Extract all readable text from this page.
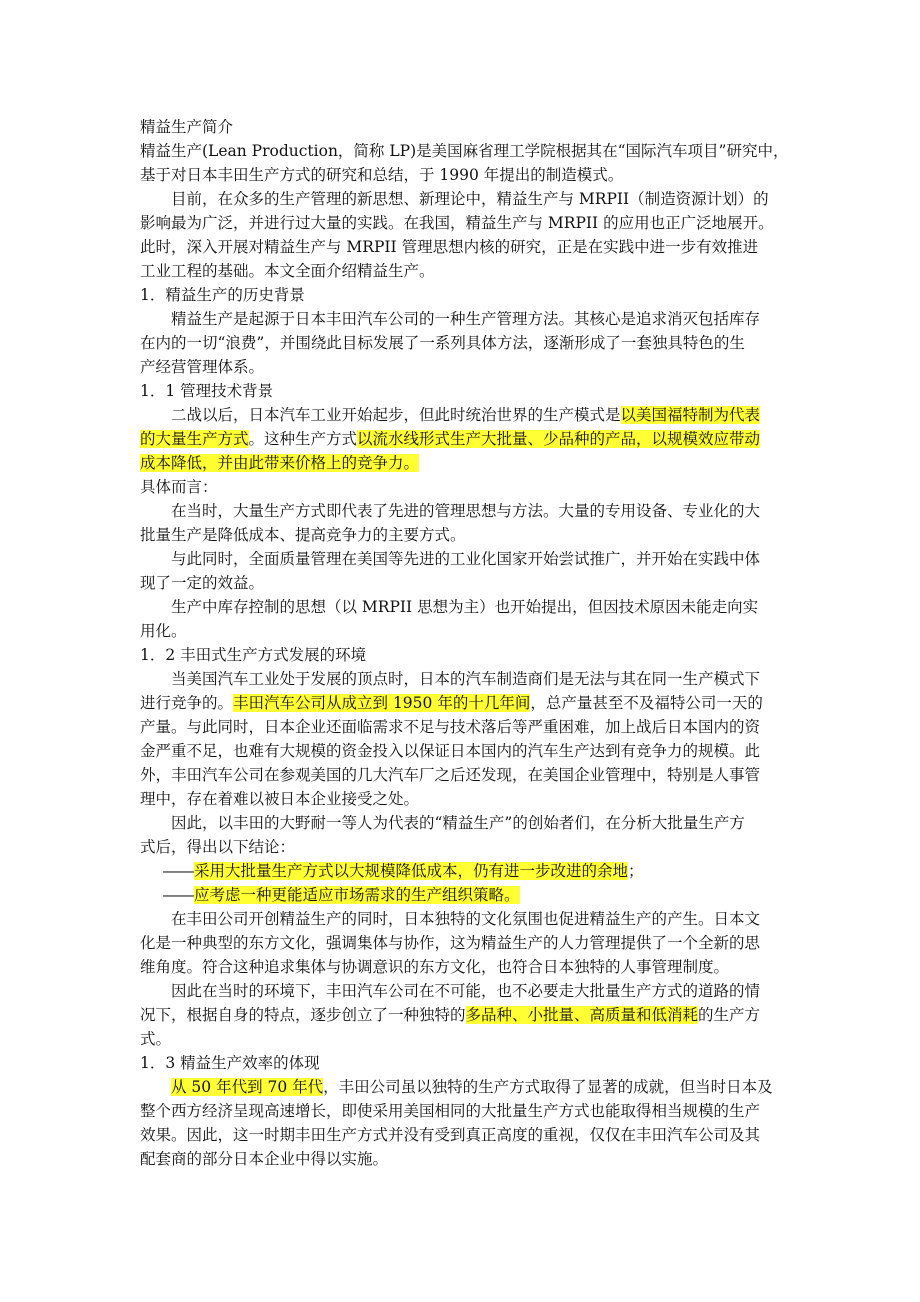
精益生产简介
精益生产(Lean Production，简称 LP)是美国麻省理工学院根据其在“国际汽车项目”研究中，
基于对日本丰田生产方式的研究和总结，于 1990 年提出的制造模式。
目前，在众多的生产管理的新思想、新理论中，精益生产与 MRPII（制造资源计划）的
影响最为广泛，并进行过大量的实践。在我国，精益生产与 MRPII 的应用也正广泛地展开。
此时，深入开展对精益生产与 MRPII 管理思想内核的研究，正是在实践中进一步有效推进
工业工程的基础。本文全面介绍精益生产。
1．精益生产的历史背景
精益生产是起源于日本丰田汽车公司的一种生产管理方法。其核心是追求消灭包括库存
在内的一切“浪费”，并围绕此目标发展了一系列具体方法，逐渐形成了一套独具特色的生
产经营管理体系。
1．1 管理技术背景
二战以后，日本汽车工业开始起步，但此时统治世界的生产模式是以美国福特制为代表
的大量生产方式。这种生产方式以流水线形式生产大批量、少品种的产品，以规模效应带动
成本降低，并由此带来价格上的竞争力。
具体而言：
在当时，大量生产方式即代表了先进的管理思想与方法。大量的专用设备、专业化的大
批量生产是降低成本、提高竞争力的主要方式。
与此同时，全面质量管理在美国等先进的工业化国家开始尝试推广，并开始在实践中体
现了一定的效益。
生产中库存控制的思想（以 MRPII 思想为主）也开始提出，但因技术原因未能走向实
用化。
1．2 丰田式生产方式发展的环境
当美国汽车工业处于发展的顶点时，日本的汽车制造商们是无法与其在同一生产模式下
进行竞争的。丰田汽车公司从成立到 1950 年的十几年间，总产量甚至不及福特公司一天的
产量。与此同时，日本企业还面临需求不足与技术落后等严重困难，加上战后日本国内的资
金严重不足，也难有大规模的资金投入以保证日本国内的汽车生产达到有竞争力的规模。此
外，丰田汽车公司在参观美国的几大汽车厂之后还发现，在美国企业管理中，特别是人事管
理中，存在着难以被日本企业接受之处。
因此，以丰田的大野耐一等人为代表的“精益生产”的创始者们，在分析大批量生产方
式后，得出以下结论：
――采用大批量生产方式以大规模降低成本，仍有进一步改进的余地；
――应考虑一种更能适应市场需求的生产组织策略。
在丰田公司开创精益生产的同时，日本独特的文化氛围也促进精益生产的产生。日本文
化是一种典型的东方文化，强调集体与协作，这为精益生产的人力管理提供了一个全新的思
维角度。符合这种追求集体与协调意识的东方文化，也符合日本独特的人事管理制度。
因此在当时的环境下，丰田汽车公司在不可能，也不必要走大批量生产方式的道路的情
况下，根据自身的特点，逐步创立了一种独特的多品种、小批量、高质量和低消耗的生产方
式。
1．3 精益生产效率的体现
从 50 年代到 70 年代，丰田公司虽以独特的生产方式取得了显著的成就，但当时日本及
整个西方经济呈现高速增长，即使采用美国相同的大批量生产方式也能取得相当规模的生产
效果。因此，这一时期丰田生产方式并没有受到真正高度的重视，仅仅在丰田汽车公司及其
配套商的部分日本企业中得以实施。
